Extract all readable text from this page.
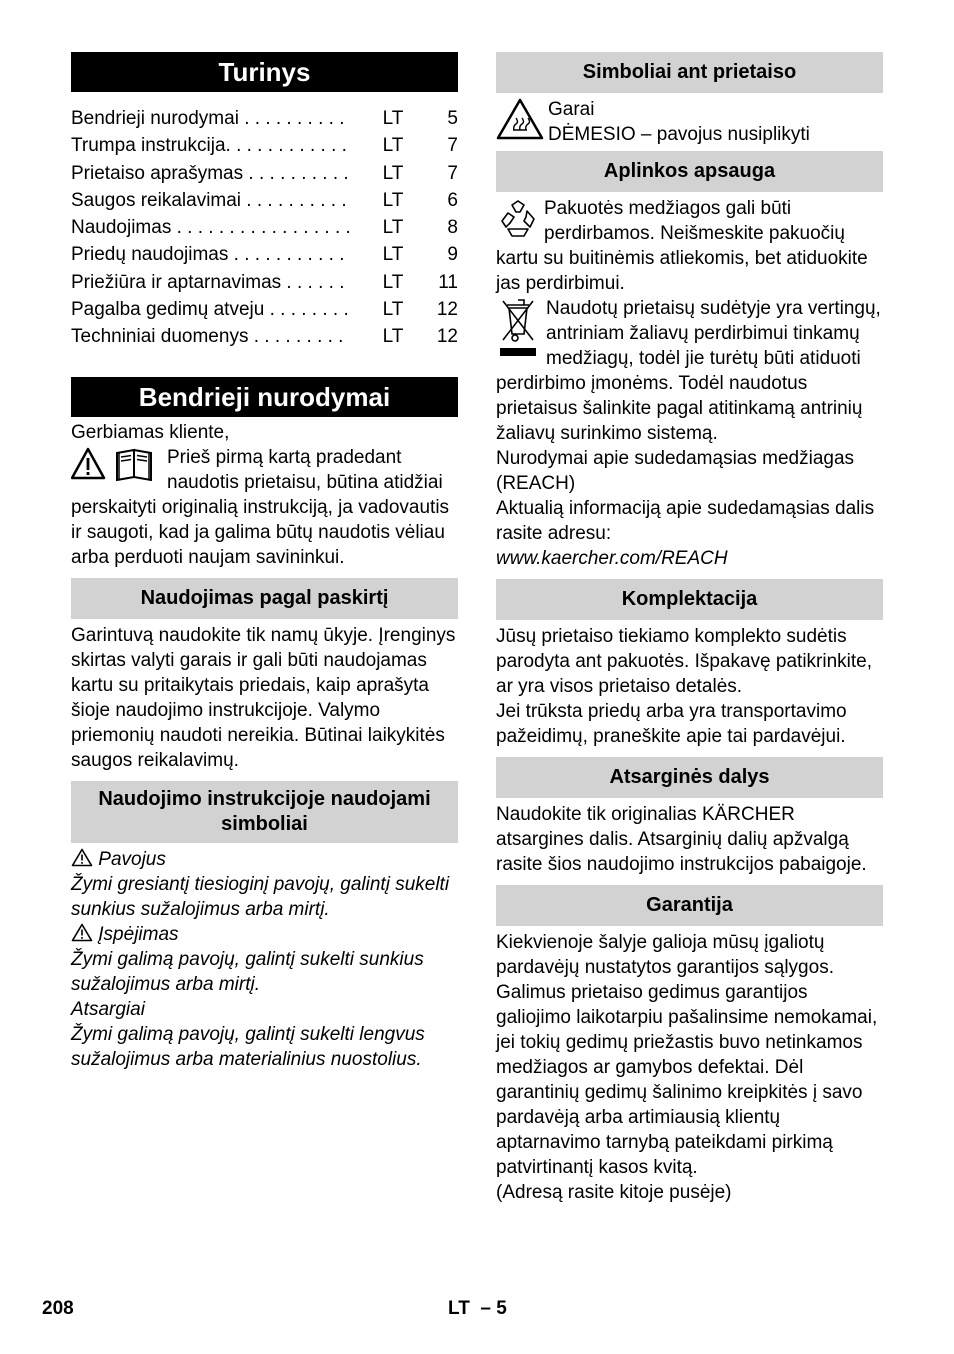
Turinys
Bendrieji nurodymai . . . . . . . . . .	LT	5
Trumpa instrukcija. . . . . . . . . . . .	LT	7
Prietaiso aprašymas . . . . . . . . . .	LT	7
Saugos reikalavimai . . . . . . . . . .	LT	6
Naudojimas . . . . . . . . . . . . . . . . .	LT	8
Priedų naudojimas . . . . . . . . . . .	LT	9
Priežiūra ir aptarnavimas . . . . . .	LT	11
Pagalba gedimų atveju . . . . . . . .	LT	12
Techniniai duomenys . . . . . . . . .	LT	12
Bendrieji nurodymai

Gerbiamas kliente,

Prieš pirmą kartą pradedant naudotis prietaisu, būtina atidžiai perskaityti originalią instrukciją, ja vadovautis ir saugoti, kad ja galima būtų naudotis vėliau arba perduoti naujam savininkui.

Naudojimas pagal paskirtį

Garintuvą naudokite tik namų ūkyje. Įrenginys skirtas valyti garais ir gali būti naudojamas kartu su pritaikytais priedais, kaip aprašyta šioje naudojimo instrukcijoje. Valymo priemonių naudoti nereikia. Būtinai laikykitės saugos reikalavimų.

Naudojimo instrukcijoje naudojami simboliai

Pavojus

Žymi gresiantį tiesioginį pavojų, galintį sukelti sunkius sužalojimus arba mirtį.

Įspėjimas

Žymi galimą pavojų, galintį sukelti sunkius sužalojimus arba mirtį.

Atsargiai

Žymi galimą pavojų, galintį sukelti lengvus sužalojimus arba materialinius nuostolius.

Simboliai ant prietaiso

Garai

DĖMESIO – pavojus nusiplikyti

Aplinkos apsauga

Pakuotės medžiagos gali būti perdirbamos. Neišmeskite pakuočių kartu su buitinėmis atliekomis, bet atiduokite jas perdirbimui.

Naudotų prietaisų sudėtyje yra vertingų, antriniam žaliavų perdirbimui tinkamų medžiagų, todėl jie turėtų būti atiduoti perdirbimo įmonėms. Todėl naudotus prietaisus šalinkite pagal atitinkamą antrinių žaliavų surinkimo sistemą.

Nurodymai apie sudedamąsias medžiagas (REACH)

Aktualią informaciją apie sudedamąsias dalis rasite adresu:

www.kaercher.com/REACH

Komplektacija

Jūsų prietaiso tiekiamo komplekto sudėtis parodyta ant pakuotės. Išpakavę patikrinkite, ar yra visos prietaiso detalės.

Jei trūksta priedų arba yra transportavimo pažeidimų, praneškite apie tai pardavėjui.

Atsarginės dalys

Naudokite tik originalias KÄRCHER atsargines dalis. Atsarginių dalių apžvalgą rasite šios naudojimo instrukcijos pabaigoje.

Garantija

Kiekvienoje šalyje galioja mūsų įgaliotų pardavėjų nustatytos garantijos sąlygos. Galimus prietaiso gedimus garantijos galiojimo laikotarpiu pašalinsime nemokamai, jei tokių gedimų priežastis buvo netinkamos medžiagos ar gamybos defektai. Dėl garantinių gedimų šalinimo kreipkitės į savo pardavėją arba artimiausią klientų aptarnavimo tarnybą pateikdami pirkimą patvirtinantį kasos kvitą.

(Adresą rasite kitoje pusėje)

208	LT  – 5
